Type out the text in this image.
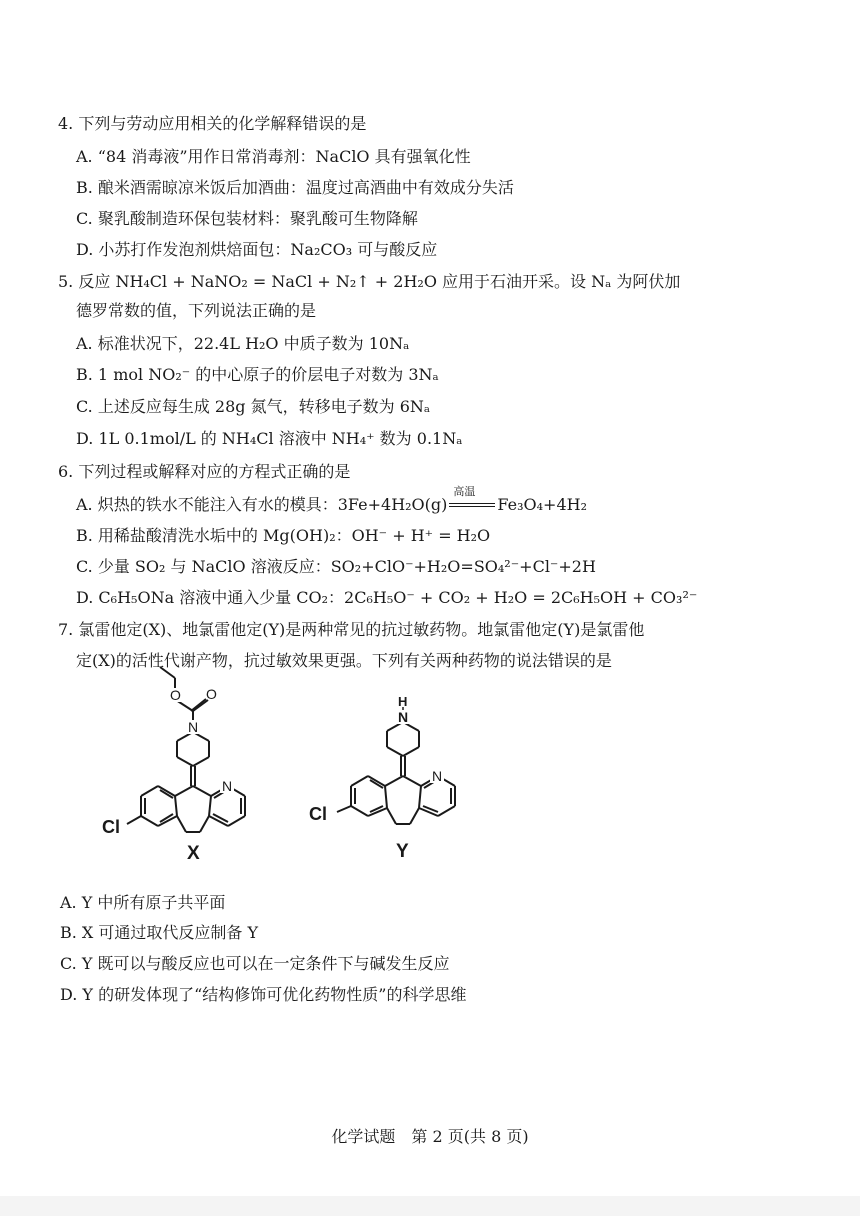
4. 下列与劳动应用相关的化学解释错误的是
A. “84 消毒液”用作日常消毒剂：NaClO 具有强氧化性
B. 酿米酒需晾凉米饭后加酒曲：温度过高酒曲中有效成分失活
C. 聚乳酸制造环保包装材料：聚乳酸可生物降解
D. 小苏打作发泡剂烘焙面包：Na₂CO₃ 可与酸反应
5. 反应 NH₄Cl + NaNO₂ = NaCl + N₂↑ + 2H₂O 应用于石油开采。设 Nₐ 为阿伏加
德罗常数的值，下列说法正确的是
A. 标准状况下，22.4L H₂O 中质子数为 10Nₐ
B. 1 mol NO₂⁻ 的中心原子的价层电子对数为 3Nₐ
C. 上述反应每生成 28g 氮气，转移电子数为 6Nₐ
D. 1L 0.1mol/L 的 NH₄Cl 溶液中 NH₄⁺ 数为 0.1Nₐ
6. 下列过程或解释对应的方程式正确的是
A. 炽热的铁水不能注入有水的模具：3Fe+4H₂O(g)
高温
Fe₃O₄+4H₂
B. 用稀盐酸清洗水垢中的 Mg(OH)₂：OH⁻ + H⁺ = H₂O
C. 少量 SO₂ 与 NaClO 溶液反应：SO₂+ClO⁻+H₂O=SO₄²⁻+Cl⁻+2H
D. C₆H₅ONa 溶液中通入少量 CO₂：2C₆H₅O⁻ + CO₂ + H₂O = 2C₆H₅OH + CO₃²⁻
7. 氯雷他定(X)、地氯雷他定(Y)是两种常见的抗过敏药物。地氯雷他定(Y)是氯雷他
定(X)的活性代谢产物，抗过敏效果更强。下列有关两种药物的说法错误的是
O O
N
N
Cl
X
H
N
N
Cl
Y
A. Y 中所有原子共平面
B. X 可通过取代反应制备 Y
C. Y 既可以与酸反应也可以在一定条件下与碱发生反应
D. Y 的研发体现了“结构修饰可优化药物性质”的科学思维
化学试题　第 2 页(共 8 页)
